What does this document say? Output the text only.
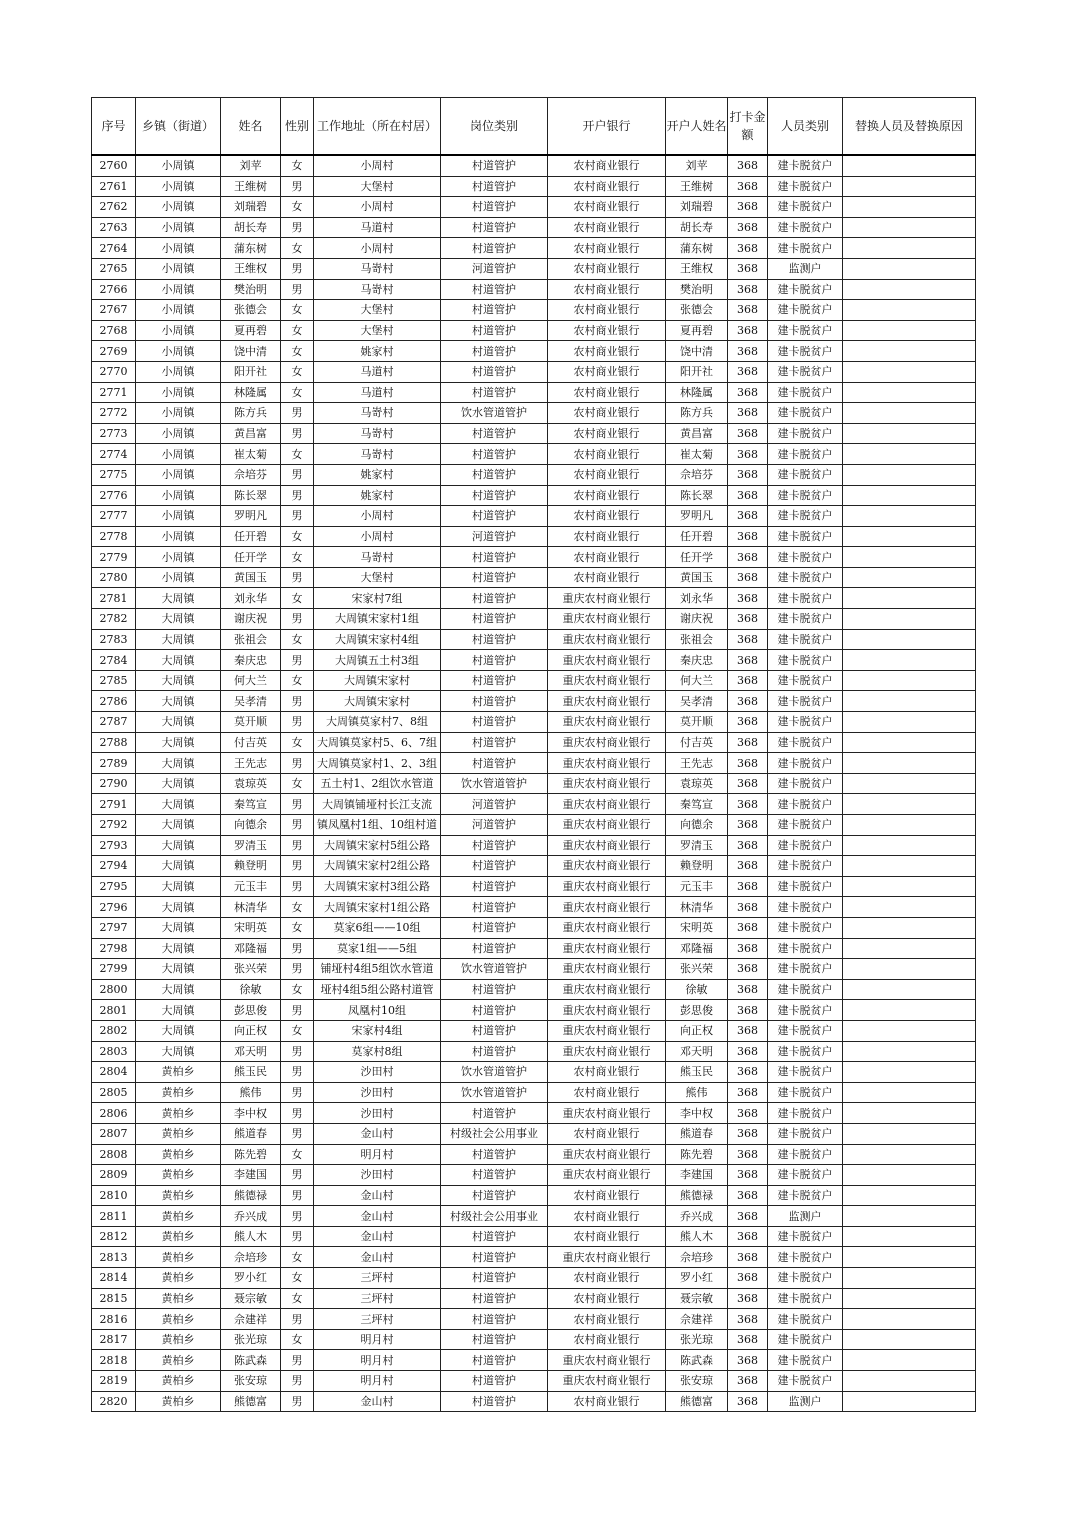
序号	乡镇（街道）	姓名	性别	工作地址（所在村居）	岗位类别	开户银行	开户人姓名	打卡金额	人员类别	替换人员及替换原因
2760	小周镇	刘苹	女	小周村	村道管护	农村商业银行	刘苹	368	建卡脱贫户	
2761	小周镇	王维树	男	大堡村	村道管护	农村商业银行	王维树	368	建卡脱贫户	
2762	小周镇	刘瑞碧	女	小周村	村道管护	农村商业银行	刘瑞碧	368	建卡脱贫户	
2763	小周镇	胡长寿	男	马道村	村道管护	农村商业银行	胡长寿	368	建卡脱贫户	
2764	小周镇	蒲东树	女	小周村	村道管护	农村商业银行	蒲东树	368	建卡脱贫户	
2765	小周镇	王维权	男	马嵜村	河道管护	农村商业银行	王维权	368	监测户	
2766	小周镇	樊治明	男	马嵜村	村道管护	农村商业银行	樊治明	368	建卡脱贫户	
2767	小周镇	张德会	女	大堡村	村道管护	农村商业银行	张德会	368	建卡脱贫户	
2768	小周镇	夏再碧	女	大堡村	村道管护	农村商业银行	夏再碧	368	建卡脱贫户	
2769	小周镇	饶中清	女	姚家村	村道管护	农村商业银行	饶中清	368	建卡脱贫户	
2770	小周镇	阳开社	女	马道村	村道管护	农村商业银行	阳开社	368	建卡脱贫户	
2771	小周镇	林隆属	女	马道村	村道管护	农村商业银行	林隆属	368	建卡脱贫户	
2772	小周镇	陈方兵	男	马嵜村	饮水管道管护	农村商业银行	陈方兵	368	建卡脱贫户	
2773	小周镇	黄昌富	男	马嵜村	村道管护	农村商业银行	黄昌富	368	建卡脱贫户	
2774	小周镇	崔太菊	女	马嵜村	村道管护	农村商业银行	崔太菊	368	建卡脱贫户	
2775	小周镇	佘培芬	男	姚家村	村道管护	农村商业银行	佘培芬	368	建卡脱贫户	
2776	小周镇	陈长翠	男	姚家村	村道管护	农村商业银行	陈长翠	368	建卡脱贫户	
2777	小周镇	罗明凡	男	小周村	村道管护	农村商业银行	罗明凡	368	建卡脱贫户	
2778	小周镇	任开碧	女	小周村	河道管护	农村商业银行	任开碧	368	建卡脱贫户	
2779	小周镇	任开学	女	马嵜村	村道管护	农村商业银行	任开学	368	建卡脱贫户	
2780	小周镇	黄国玉	男	大堡村	村道管护	农村商业银行	黄国玉	368	建卡脱贫户	
2781	大周镇	刘永华	女	宋家村7组	村道管护	重庆农村商业银行	刘永华	368	建卡脱贫户	
2782	大周镇	谢庆祝	男	大周镇宋家村1组	村道管护	重庆农村商业银行	谢庆祝	368	建卡脱贫户	
2783	大周镇	张祖会	女	大周镇宋家村4组	村道管护	重庆农村商业银行	张祖会	368	建卡脱贫户	
2784	大周镇	秦庆忠	男	大周镇五土村3组	村道管护	重庆农村商业银行	秦庆忠	368	建卡脱贫户	
2785	大周镇	何大兰	女	大周镇宋家村	村道管护	重庆农村商业银行	何大兰	368	建卡脱贫户	
2786	大周镇	吴孝清	男	大周镇宋家村	村道管护	重庆农村商业银行	吴孝清	368	建卡脱贫户	
2787	大周镇	莫开顺	男	大周镇莫家村7、8组	村道管护	重庆农村商业银行	莫开顺	368	建卡脱贫户	
2788	大周镇	付吉英	女	大周镇莫家村5、6、7组	村道管护	重庆农村商业银行	付吉英	368	建卡脱贫户	
2789	大周镇	王先志	男	大周镇莫家村1、2、3组	村道管护	重庆农村商业银行	王先志	368	建卡脱贫户	
2790	大周镇	袁琼英	女	五土村1、2组饮水管道	饮水管道管护	重庆农村商业银行	袁琼英	368	建卡脱贫户	
2791	大周镇	秦笃宣	男	大周镇铺垭村长江支流	河道管护	重庆农村商业银行	秦笃宣	368	建卡脱贫户	
2792	大周镇	向德余	男	镇凤凰村1组、10组村道	河道管护	重庆农村商业银行	向德余	368	建卡脱贫户	
2793	大周镇	罗清玉	男	大周镇宋家村5组公路	村道管护	重庆农村商业银行	罗清玉	368	建卡脱贫户	
2794	大周镇	赖登明	男	大周镇宋家村2组公路	村道管护	重庆农村商业银行	赖登明	368	建卡脱贫户	
2795	大周镇	元玉丰	男	大周镇宋家村3组公路	村道管护	重庆农村商业银行	元玉丰	368	建卡脱贫户	
2796	大周镇	林清华	女	大周镇宋家村1组公路	村道管护	重庆农村商业银行	林清华	368	建卡脱贫户	
2797	大周镇	宋明英	女	莫家6组——10组	村道管护	重庆农村商业银行	宋明英	368	建卡脱贫户	
2798	大周镇	邓隆福	男	莫家1组——5组	村道管护	重庆农村商业银行	邓隆福	368	建卡脱贫户	
2799	大周镇	张兴荣	男	铺垭村4组5组饮水管道	饮水管道管护	重庆农村商业银行	张兴荣	368	建卡脱贫户	
2800	大周镇	徐敏	女	垭村4组5组公路村道管	村道管护	重庆农村商业银行	徐敏	368	建卡脱贫户	
2801	大周镇	彭思俊	男	凤凰村10组	村道管护	重庆农村商业银行	彭思俊	368	建卡脱贫户	
2802	大周镇	向正权	女	宋家村4组	村道管护	重庆农村商业银行	向正权	368	建卡脱贫户	
2803	大周镇	邓天明	男	莫家村8组	村道管护	重庆农村商业银行	邓天明	368	建卡脱贫户	
2804	黄柏乡	熊玉民	男	沙田村	饮水管道管护	农村商业银行	熊玉民	368	建卡脱贫户	
2805	黄柏乡	熊伟	男	沙田村	饮水管道管护	农村商业银行	熊伟	368	建卡脱贫户	
2806	黄柏乡	李中权	男	沙田村	村道管护	重庆农村商业银行	李中权	368	建卡脱贫户	
2807	黄柏乡	熊道春	男	金山村	村级社会公用事业	农村商业银行	熊道春	368	建卡脱贫户	
2808	黄柏乡	陈先碧	女	明月村	村道管护	重庆农村商业银行	陈先碧	368	建卡脱贫户	
2809	黄柏乡	李建国	男	沙田村	村道管护	重庆农村商业银行	李建国	368	建卡脱贫户	
2810	黄柏乡	熊德禄	男	金山村	村道管护	农村商业银行	熊德禄	368	建卡脱贫户	
2811	黄柏乡	乔兴成	男	金山村	村级社会公用事业	农村商业银行	乔兴成	368	监测户	
2812	黄柏乡	熊人木	男	金山村	村道管护	农村商业银行	熊人木	368	建卡脱贫户	
2813	黄柏乡	佘培珍	女	金山村	村道管护	重庆农村商业银行	佘培珍	368	建卡脱贫户	
2814	黄柏乡	罗小红	女	三坪村	村道管护	农村商业银行	罗小红	368	建卡脱贫户	
2815	黄柏乡	聂宗敏	女	三坪村	村道管护	农村商业银行	聂宗敏	368	建卡脱贫户	
2816	黄柏乡	佘建祥	男	三坪村	村道管护	农村商业银行	佘建祥	368	建卡脱贫户	
2817	黄柏乡	张光琼	女	明月村	村道管护	农村商业银行	张光琼	368	建卡脱贫户	
2818	黄柏乡	陈武森	男	明月村	村道管护	重庆农村商业银行	陈武森	368	建卡脱贫户	
2819	黄柏乡	张安琼	男	明月村	村道管护	重庆农村商业银行	张安琼	368	建卡脱贫户	
2820	黄柏乡	熊德富	男	金山村	村道管护	农村商业银行	熊德富	368	监测户	
